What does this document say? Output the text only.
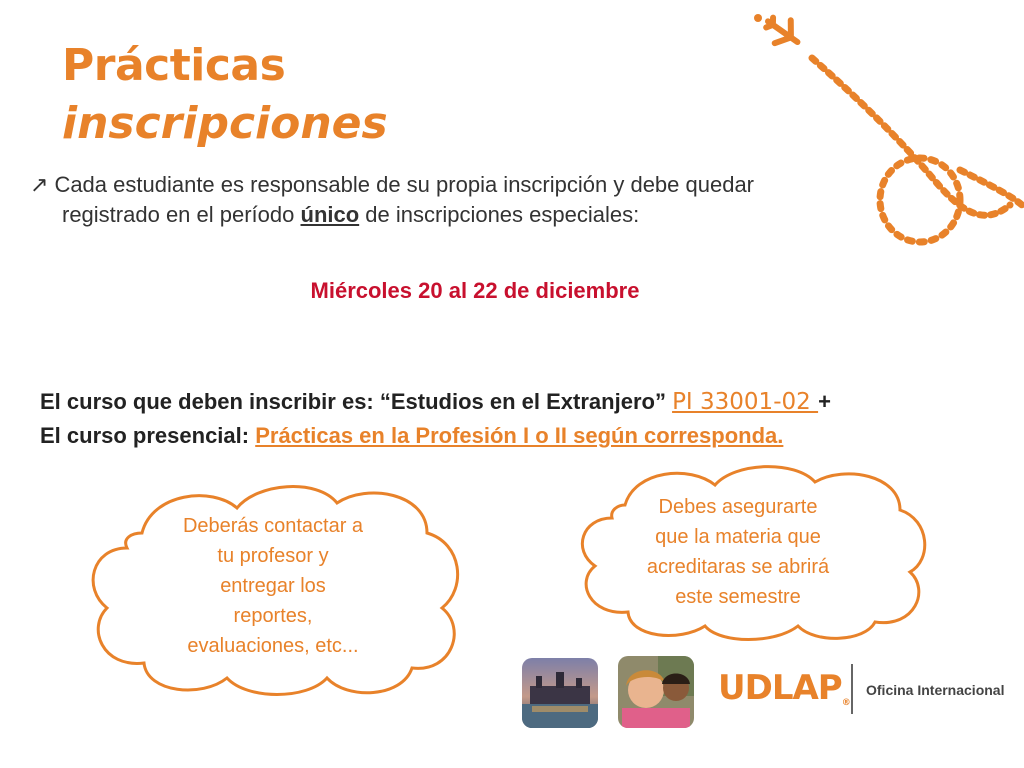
Prácticas
inscripciones
↗ Cada estudiante es responsable de su propia inscripción y debe quedar
registrado en el período único de inscripciones especiales:
Miércoles 20 al 22 de diciembre
El curso que deben inscribir es: “Estudios en el Extranjero” PI 33001-02 +
El curso presencial: Prácticas en la Profesión I o II según corresponda.
Deberás contactar a
tu profesor y
entregar los
reportes,
evaluaciones, etc...
Debes asegurarte
que la materia que
acreditaras se abrirá
este semestre
UDLAP®
Oficina Internacional
